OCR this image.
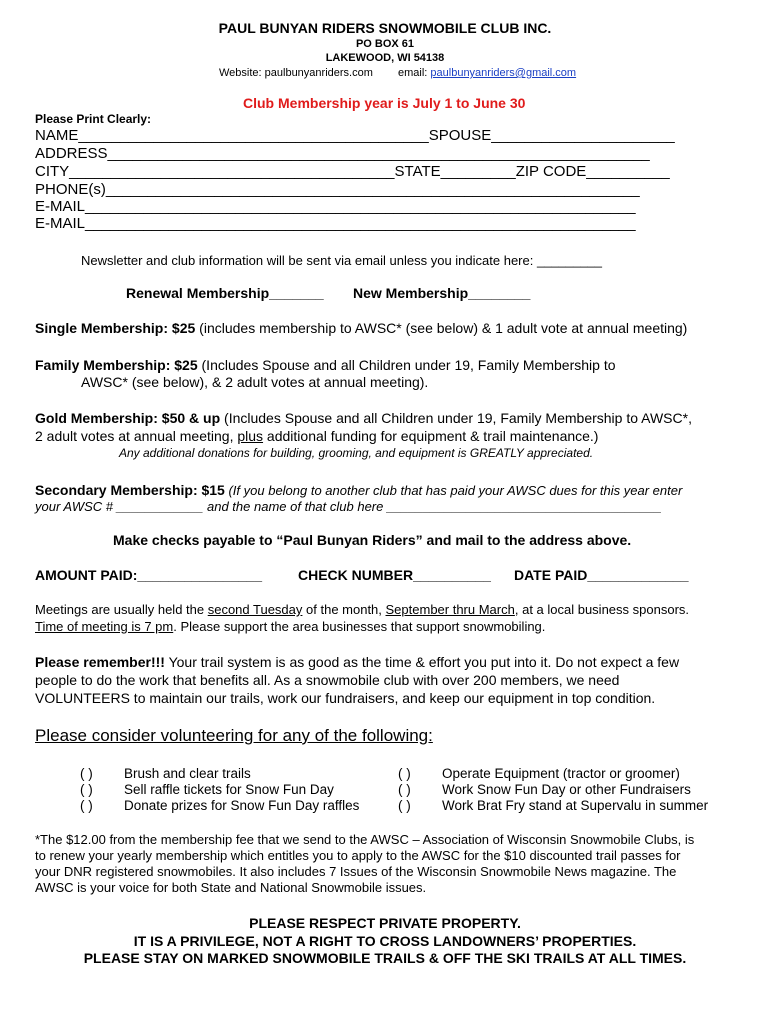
PAUL BUNYAN RIDERS SNOWMOBILE CLUB INC.
PO BOX 61
LAKEWOOD, WI 54138
Website: paulbunyanriders.com email: paulbunyanriders@gmail.com
Club Membership year is July 1 to June 30
Please Print Clearly:
NAME__________________________________________SPOUSE______________________
ADDRESS_________________________________________________________________
CITY_______________________________________STATE_________ZIP CODE__________
PHONE(s)________________________________________________________________
E-MAIL__________________________________________________________________
E-MAIL__________________________________________________________________
Newsletter and club information will be sent via email unless you indicate here: _________
Renewal Membership_______ New Membership________
Single Membership: $25 (includes membership to AWSC* (see below) & 1 adult vote at annual meeting)
Family Membership: $25 (Includes Spouse and all Children under 19, Family Membership to
AWSC* (see below), & 2 adult votes at annual meeting).
Gold Membership: $50 & up (Includes Spouse and all Children under 19, Family Membership to AWSC*,
2 adult votes at annual meeting, plus additional funding for equipment & trail maintenance.)
Any additional donations for building, grooming, and equipment is GREATLY appreciated.
Secondary Membership: $15 (If you belong to another club that has paid your AWSC dues for this year enter
your AWSC # ____________ and the name of that club here ______________________________________
Make checks payable to “Paul Bunyan Riders” and mail to the address above.
AMOUNT PAID:________________	CHECK NUMBER__________ DATE PAID_____________
Meetings are usually held the second Tuesday of the month, September thru March, at a local business sponsors.
Time of meeting is 7 pm. Please support the area businesses that support snowmobiling.
Please remember!!! Your trail system is as good as the time & effort you put into it. Do not expect a few
people to do the work that benefits all. As a snowmobile club with over 200 members, we need
VOLUNTEERS to maintain our trails, work our fundraisers, and keep our equipment in top condition.
Please consider volunteering for any of the following:
( ) Brush and clear trails
( ) Sell raffle tickets for Snow Fun Day
( ) Donate prizes for Snow Fun Day raffles
( ) Operate Equipment (tractor or groomer)
( ) Work Snow Fun Day or other Fundraisers
( ) Work Brat Fry stand at Supervalu in summer
*The $12.00 from the membership fee that we send to the AWSC – Association of Wisconsin Snowmobile Clubs, is
to renew your yearly membership which entitles you to apply to the AWSC for the $10 discounted trail passes for
your DNR registered snowmobiles. It also includes 7 Issues of the Wisconsin Snowmobile News magazine. The
AWSC is your voice for both State and National Snowmobile issues.
PLEASE RESPECT PRIVATE PROPERTY.
IT IS A PRIVILEGE, NOT A RIGHT TO CROSS LANDOWNERS’ PROPERTIES.
PLEASE STAY ON MARKED SNOWMOBILE TRAILS & OFF THE SKI TRAILS AT ALL TIMES.
